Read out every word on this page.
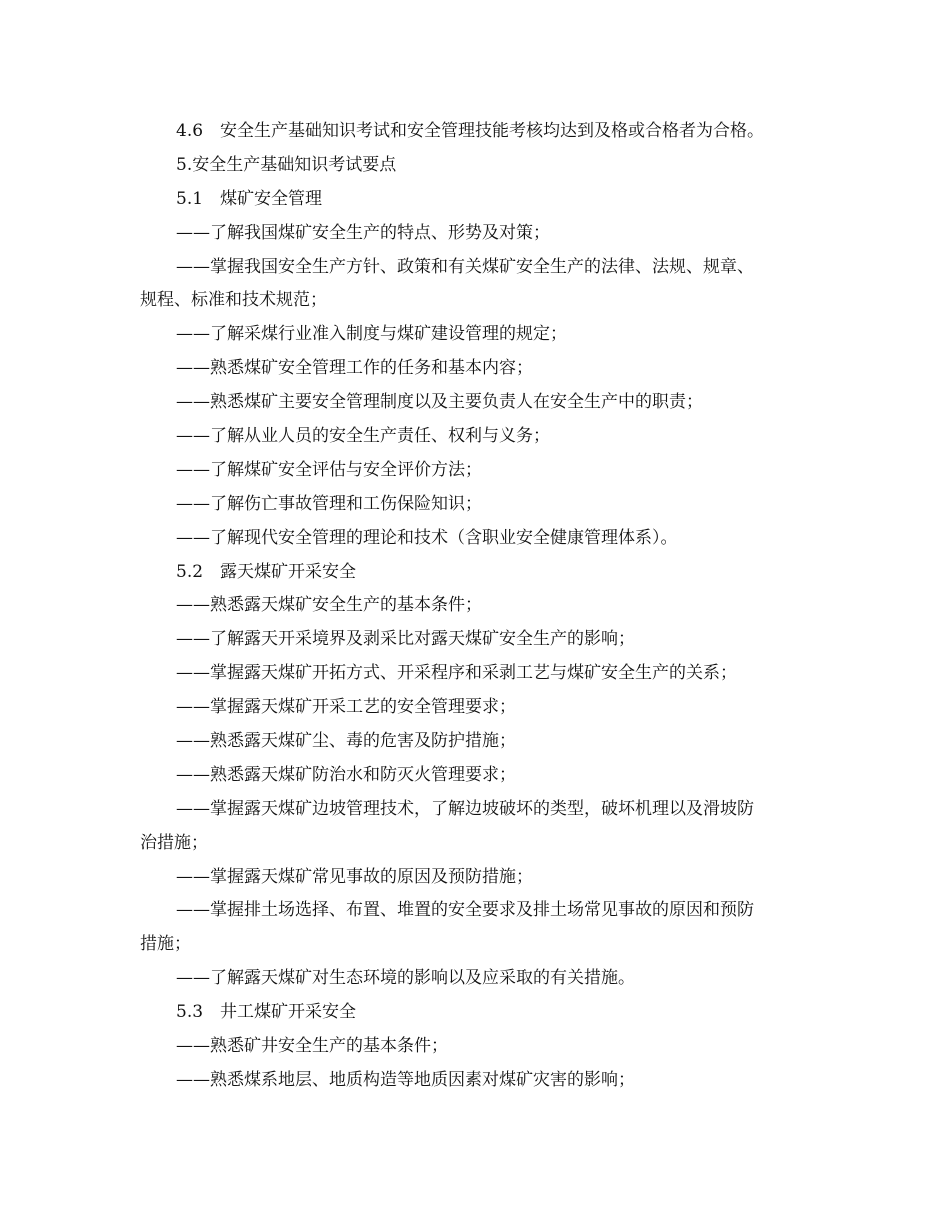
4.6　安全生产基础知识考试和安全管理技能考核均达到及格或合格者为合格。
5.安全生产基础知识考试要点
5.1　煤矿安全管理
——了解我国煤矿安全生产的特点、形势及对策；
——掌握我国安全生产方针、政策和有关煤矿安全生产的法律、法规、规章、
规程、标准和技术规范；
——了解采煤行业准入制度与煤矿建设管理的规定；
——熟悉煤矿安全管理工作的任务和基本内容；
——熟悉煤矿主要安全管理制度以及主要负责人在安全生产中的职责；
——了解从业人员的安全生产责任、权利与义务；
——了解煤矿安全评估与安全评价方法；
——了解伤亡事故管理和工伤保险知识；
——了解现代安全管理的理论和技术（含职业安全健康管理体系）。
5.2　露天煤矿开采安全
——熟悉露天煤矿安全生产的基本条件；
——了解露天开采境界及剥采比对露天煤矿安全生产的影响；
——掌握露天煤矿开拓方式、开采程序和采剥工艺与煤矿安全生产的关系；
——掌握露天煤矿开采工艺的安全管理要求；
——熟悉露天煤矿尘、毒的危害及防护措施；
——熟悉露天煤矿防治水和防灭火管理要求；
——掌握露天煤矿边坡管理技术，了解边坡破坏的类型，破坏机理以及滑坡防
治措施；
——掌握露天煤矿常见事故的原因及预防措施；
——掌握排土场选择、布置、堆置的安全要求及排土场常见事故的原因和预防
措施；
——了解露天煤矿对生态环境的影响以及应采取的有关措施。
5.3　井工煤矿开采安全
——熟悉矿井安全生产的基本条件；
——熟悉煤系地层、地质构造等地质因素对煤矿灾害的影响；
